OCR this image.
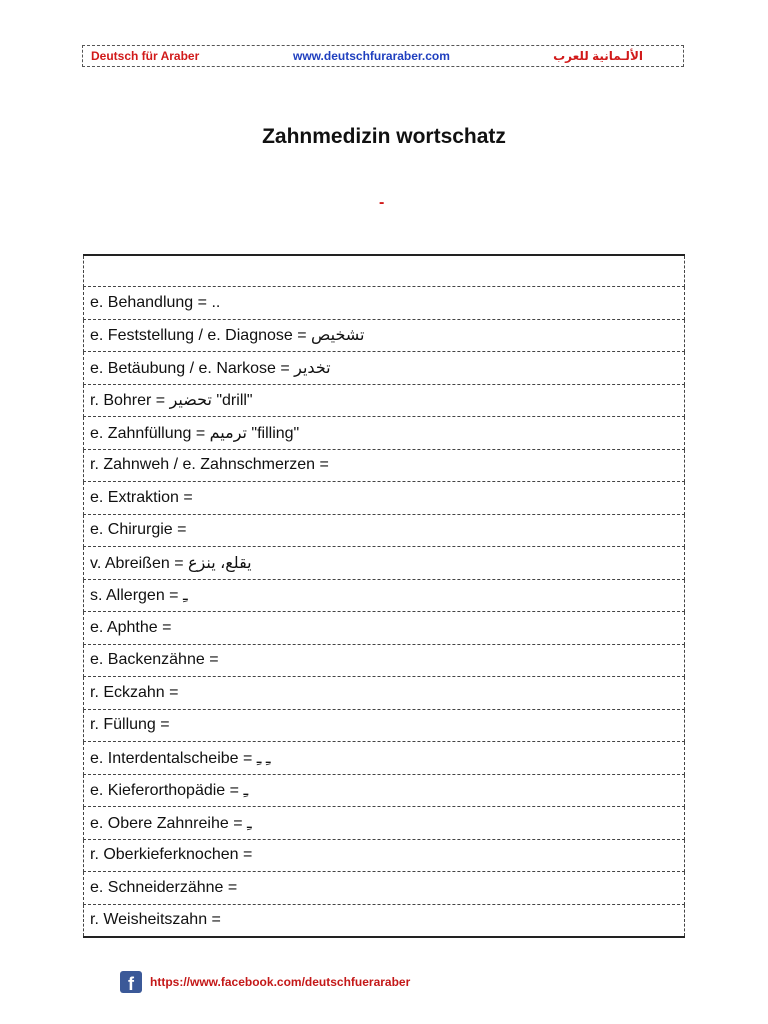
Deutsch für Araber	www.deutschfuraraber.com	الألـمانية للعرب
Zahnmedizin wortschatz
-

e. Behandlung = ..
e. Feststellung / e. Diagnose = تشخيص
e. Betäubung / e. Narkose = تخدير
r. Bohrer = تحضير "drill"
e. Zahnfüllung = ترميم "filling"
r. Zahnweh / e. Zahnschmerzen =
e. Extraktion =
e. Chirurgie =
v. Abreißen = يقلع، ينزع
s. Allergen = ـِ
e. Aphthe =
e. Backenzähne =
r. Eckzahn =
r. Füllung =
e. Interdentalscheibe = ـِ ـِ
e. Kieferorthopädie = ـِ
e. Obere Zahnreihe = ـِ
r. Oberkieferknochen =
e. Schneiderzähne =
r. Weisheitszahn =
f	https://www.facebook.com/deutschfueraraber
